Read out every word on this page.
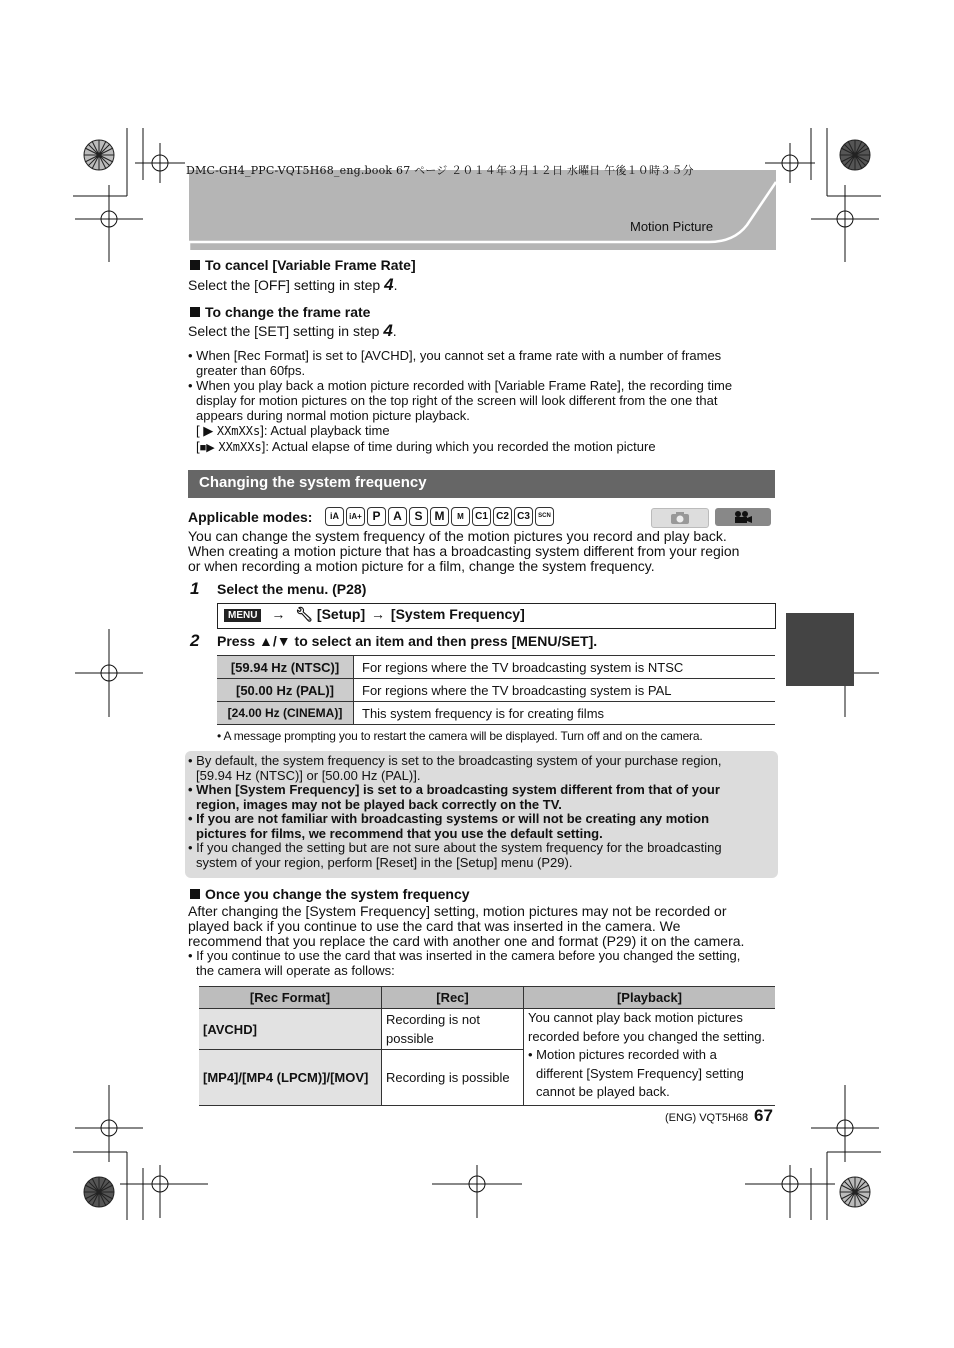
DMC-GH4_PPC-VQT5H68_eng.book 67 ページ ２０１４年３月１２日 水曜日 午後１０時３５分
Motion Picture
To cancel [Variable Frame Rate]
Select the [OFF] setting in step 4.
To change the frame rate
Select the [SET] setting in step 4.
• When [Rec Format] is set to [AVCHD], you cannot set a frame rate with a number of frames
greater than 60fps.
• When you play back a motion picture recorded with [Variable Frame Rate], the recording time
display for motion pictures on the top right of the screen will look different from the one that
appears during normal motion picture playback.
[ ▶ XXmXXs]: Actual playback time
[■▶ XXmXXs]: Actual elapse of time during which you recorded the motion picture
Changing the system frequency
Applicable modes:	iA iA+ P A S M M C1 C2 C3 SCN
You can change the system frequency of the motion pictures you record and play back.
When creating a motion picture that has a broadcasting system different from your region
or when recording a motion picture for a film, change the system frequency.
1 Select the menu. (P28)
MENU → 🔧︎ [Setup] → [System Frequency]
2 Press ▲/▼ to select an item and then press [MENU/SET].
[59.94 Hz (NTSC)]	For regions where the TV broadcasting system is NTSC
[50.00 Hz (PAL)]	For regions where the TV broadcasting system is PAL
[24.00 Hz (CINEMA)]	This system frequency is for creating films
• A message prompting you to restart the camera will be displayed. Turn off and on the camera.
• By default, the system frequency is set to the broadcasting system of your purchase region,
[59.94 Hz (NTSC)] or [50.00 Hz (PAL)].
• When [System Frequency] is set to a broadcasting system different from that of your
region, images may not be played back correctly on the TV.
• If you are not familiar with broadcasting systems or will not be creating any motion
pictures for films, we recommend that you use the default setting.
• If you changed the setting but are not sure about the system frequency for the broadcasting
system of your region, perform [Reset] in the [Setup] menu (P29).
Once you change the system frequency
After changing the [System Frequency] setting, motion pictures may not be recorded or
played back if you continue to use the card that was inserted in the camera. We
recommend that you replace the card with another one and format (P29) it on the camera.
• If you continue to use the card that was inserted in the camera before you changed the setting,
the camera will operate as follows:
[Rec Format]	[Rec]	[Playback]
[AVCHD]	Recording is not possible	You cannot play back motion pictures
recorded before you changed the setting.
• Motion pictures recorded with a
different [System Frequency] setting
cannot be played back.

[MP4]/[MP4 (LPCM)]/[MOV]	Recording is possible	
(ENG) VQT5H68 67
